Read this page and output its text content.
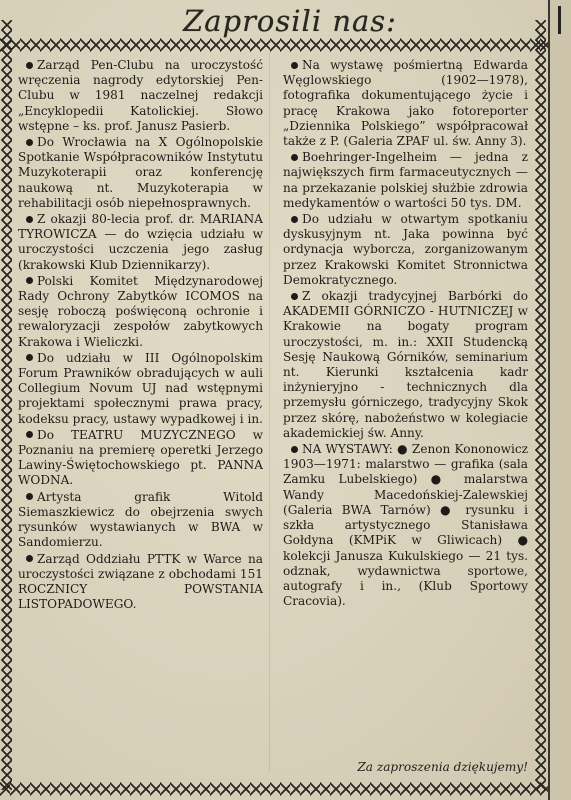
Zaprosili nas:

Zarząd Pen-Clubu na uroczystość wręczenia nagrody edytorskiej Pen-Clubu w 1981 naczelnej redakcji „Encyklopedii Katolickiej. Słowo wstępne – ks. prof. Janusz Pasierb.

Do Wrocławia na X Ogólnopolskie Spotkanie Współpracowników Instytutu Muzykoterapii oraz konferencję naukową nt. Muzykoterapia w rehabilitacji osób niepełnosprawnych.

Z okazji 80-lecia prof. dr. MARIANA TYROWICZA — do wzięcia udziału w uroczystości uczczenia jego zasług (krakowski Klub Dziennikarzy).

Polski Komitet Międzynarodowej Rady Ochrony Zabytków ICOMOS na sesję roboczą poświęconą ochronie i rewaloryzacji zespołów zabytkowych Krakowa i Wieliczki.

Do udziału w III Ogólnopolskim Forum Prawników obradujących w auli Collegium Novum UJ nad wstępnymi projektami społecznymi prawa pracy, kodeksu pracy, ustawy wypadkowej i in.

Do TEATRU MUZYCZNEGO w Poznaniu na premierę operetki Jerzego Lawiny-Świętochowskiego pt. PANNA WODNA.

Artysta grafik Witold Siemaszkiewicz do obejrzenia swych rysunków wystawianych w BWA w Sandomierzu.

Zarząd Oddziału PTTK w Warce na uroczystości związane z obchodami 151 ROCZNICY POWSTANIA LISTOPADOWEGO.

Na wystawę pośmiertną Edwarda Węglowskiego (1902—1978), fotografika dokumentującego życie i pracę Krakowa jako fotoreporter „Dziennika Polskiego” współpracował także z P. (Galeria ZPAF ul. św. Anny 3).

Boehringer-Ingelheim — jedna z największych firm farmaceutycznych — na przekazanie polskiej służbie zdrowia medykamentów o wartości 50 tys. DM.

Do udziału w otwartym spotkaniu dyskusyjnym nt. Jaka powinna być ordynacja wyborcza, zorganizowanym przez Krakowski Komitet Stronnictwa Demokratycznego.

Z okazji tradycyjnej Barbórki do AKADEMII GÓRNICZO - HUTNICZEJ w Krakowie na bogaty program uroczystości, m. in.: XXII Studencką Sesję Naukową Górników, seminarium nt. Kierunki kształcenia kadr inżynieryjno - technicznych dla przemysłu górniczego, tradycyjny Skok przez skórę, nabożeństwo w kolegiacie akademickiej św. Anny.

NA WYSTAWY: ● Zenon Kononowicz 1903—1971: malarstwo — grafika (sala Zamku Lubelskiego) ● malarstwa Wandy Macedońskiej-Zalewskiej (Galeria BWA Tarnów) ● rysunku i szkła artystycznego Stanisława Gołdyna (KMPiK w Gliwicach) ● kolekcji Janusza Kukulskiego — 21 tys. odznak, wydawnictwa sportowe, autografy i in., (Klub Sportowy Cracovia).

Za zaproszenia dziękujemy!
